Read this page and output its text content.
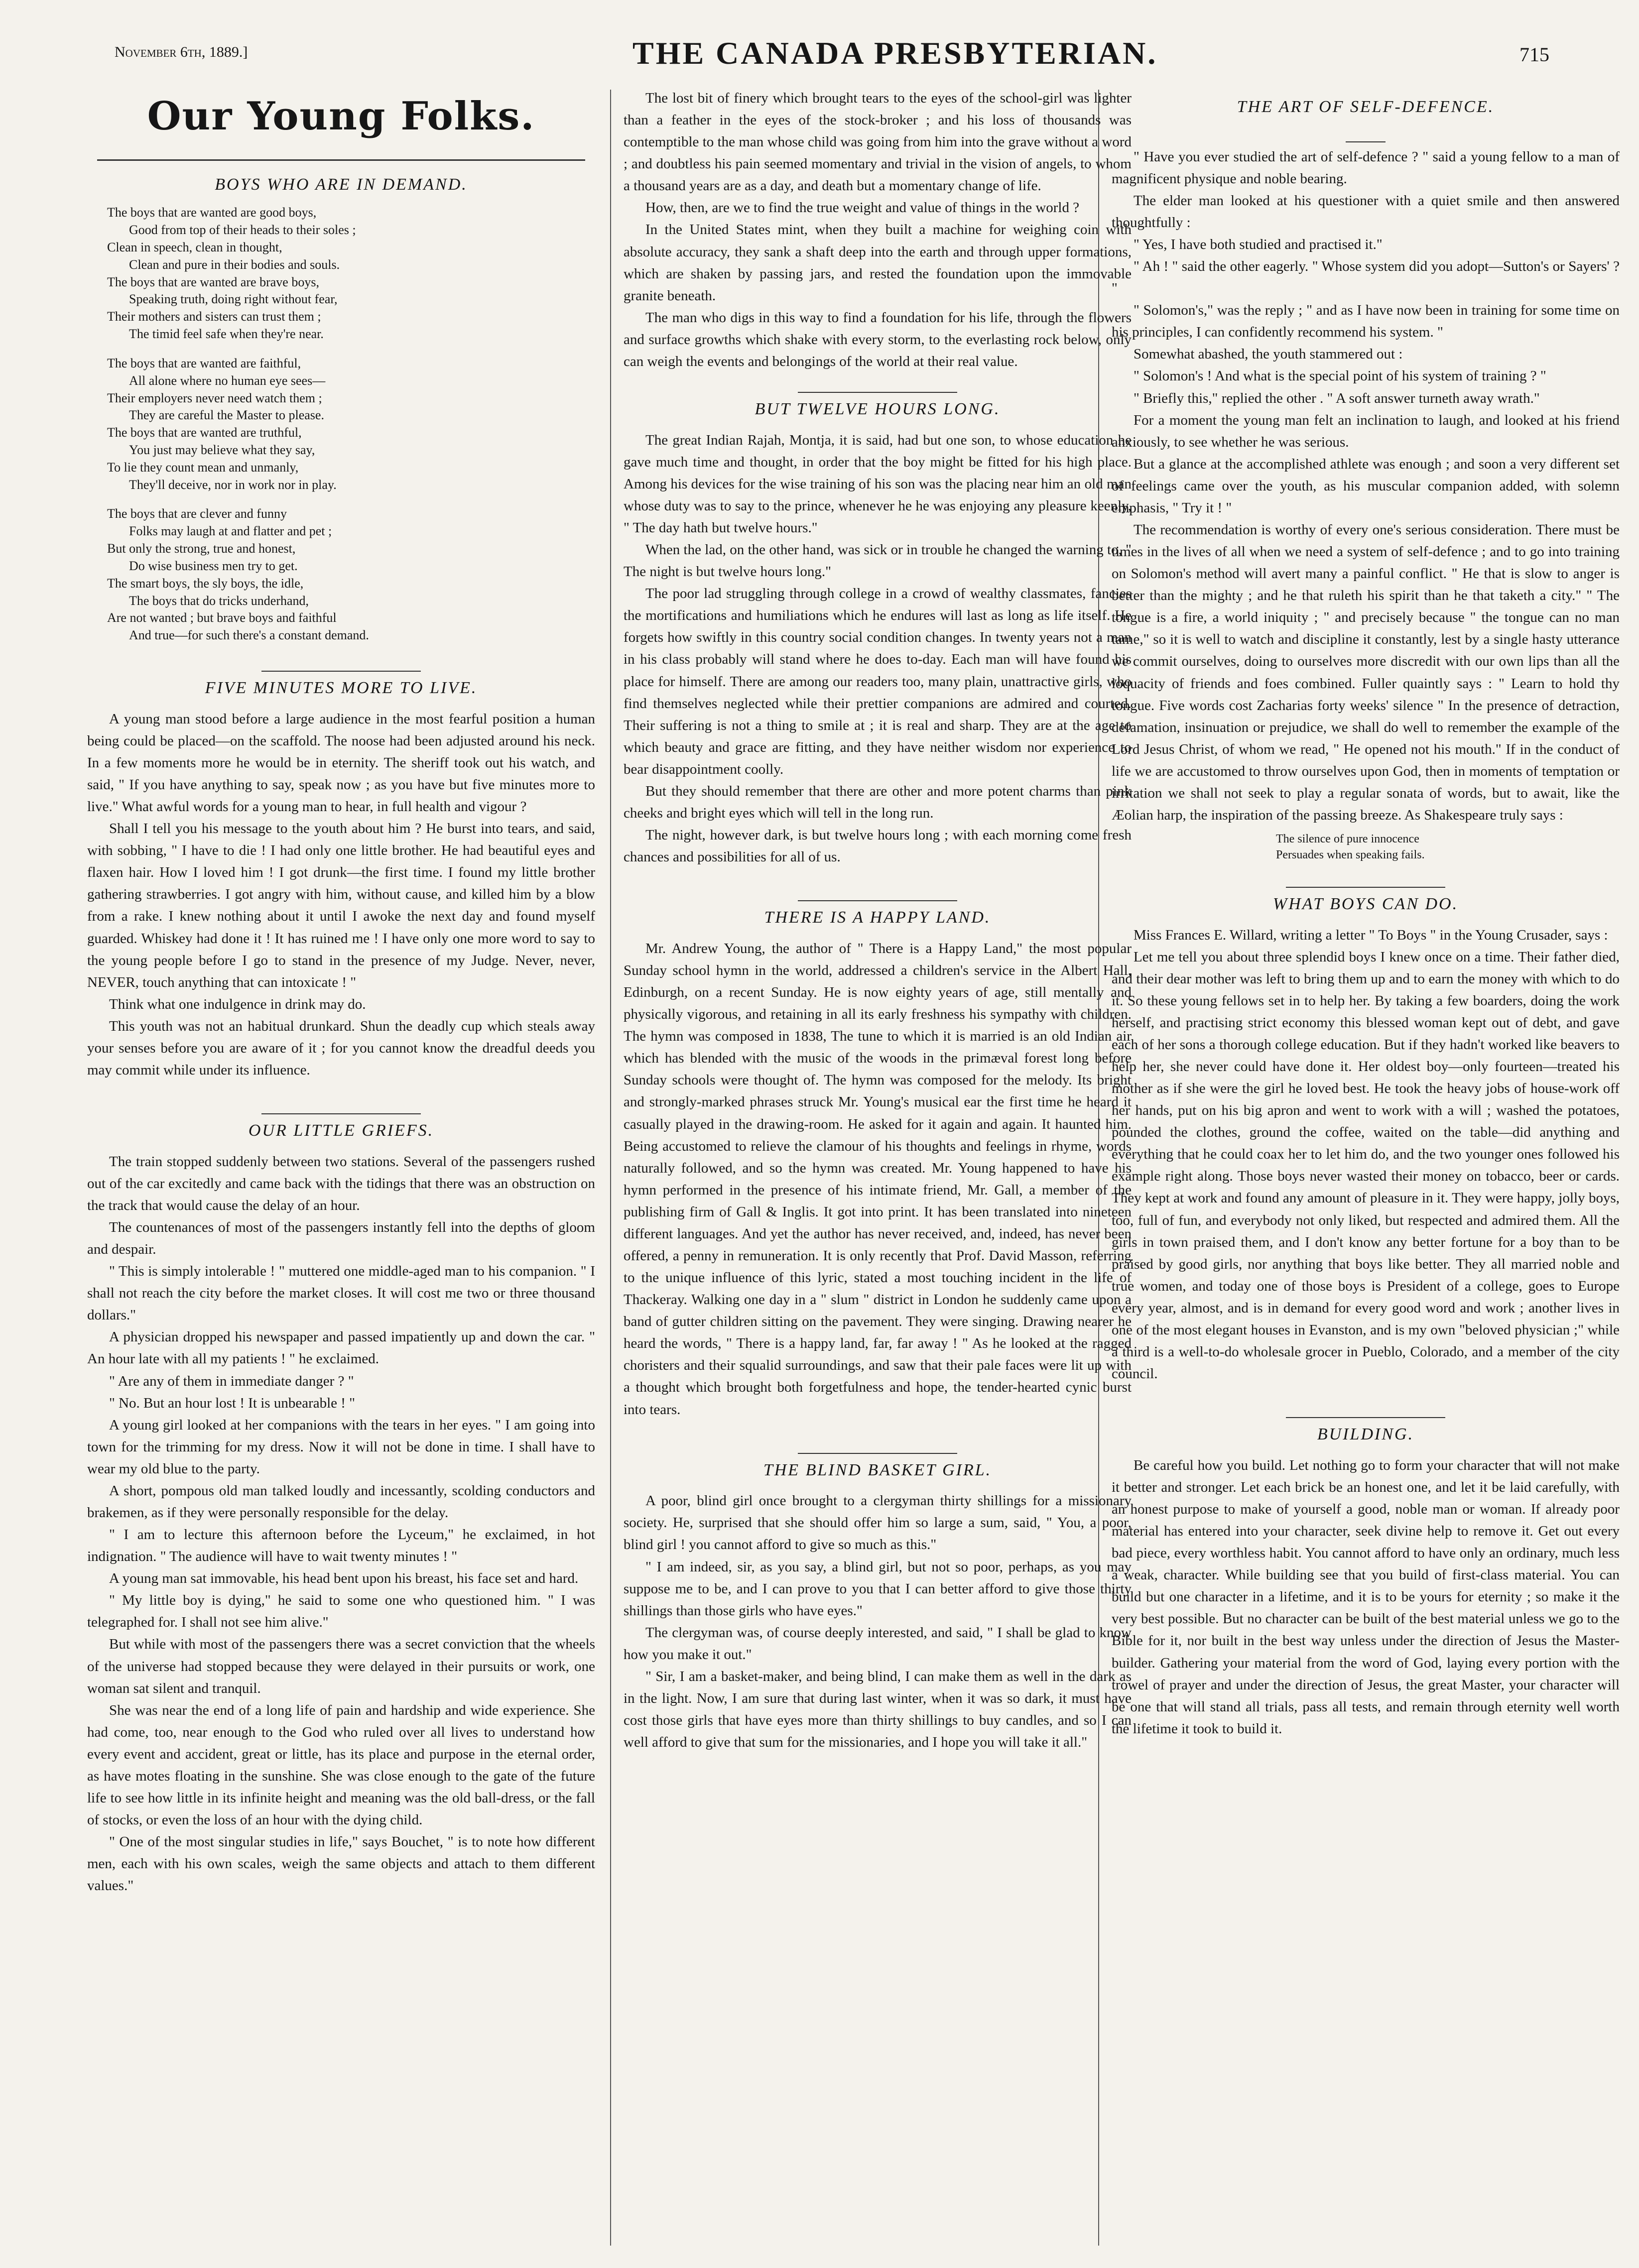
November 6th, 1889.]	THE CANADA PRESBYTERIAN.	715
Our Young Folks.
BOYS WHO ARE IN DEMAND.
The boys that are wanted are good boys,
Good from top of their heads to their soles ;
Clean in speech, clean in thought,
Clean and pure in their bodies and souls.
The boys that are wanted are brave boys,
Speaking truth, doing right without fear,
Their mothers and sisters can trust them ;
The timid feel safe when they're near.
The boys that are wanted are faithful,
All alone where no human eye sees—
Their employers never need watch them ;
They are careful the Master to please.
The boys that are wanted are truthful,
You just may believe what they say,
To lie they count mean and unmanly,
They'll deceive, nor in work nor in play.
The boys that are clever and funny
Folks may laugh at and flatter and pet ;
But only the strong, true and honest,
Do wise business men try to get.
The smart boys, the sly boys, the idle,
The boys that do tricks underhand,
Are not wanted ; but brave boys and faithful
And true—for such there's a constant demand.
FIVE MINUTES MORE TO LIVE.

A young man stood before a large audience in the most fearful position a human being could be placed—on the scaffold. The noose had been adjusted around his neck. In a few moments more he would be in eternity. The sheriff took out his watch, and said, " If you have anything to say, speak now ; as you have but five minutes more to live." What awful words for a young man to hear, in full health and vigour ?

Shall I tell you his message to the youth about him ? He burst into tears, and said, with sobbing, " I have to die ! I had only one little brother. He had beautiful eyes and flaxen hair. How I loved him ! I got drunk—the first time. I found my little brother gathering strawberries. I got angry with him, without cause, and killed him by a blow from a rake. I knew nothing about it until I awoke the next day and found myself guarded. Whiskey had done it ! It has ruined me ! I have only one more word to say to the young people before I go to stand in the presence of my Judge. Never, never, NEVER, touch anything that can intoxicate ! "

Think what one indulgence in drink may do.

This youth was not an habitual drunkard. Shun the deadly cup which steals away your senses before you are aware of it ; for you cannot know the dreadful deeds you may commit while under its influence.

OUR LITTLE GRIEFS.

The train stopped suddenly between two stations. Several of the passengers rushed out of the car excitedly and came back with the tidings that there was an obstruction on the track that would cause the delay of an hour.

The countenances of most of the passengers instantly fell into the depths of gloom and despair.

" This is simply intolerable ! " muttered one middle-aged man to his companion. " I shall not reach the city before the market closes. It will cost me two or three thousand dollars."

A physician dropped his newspaper and passed impatiently up and down the car. " An hour late with all my patients ! " he exclaimed.

" Are any of them in immediate danger ? "

" No. But an hour lost ! It is unbearable ! "

A young girl looked at her companions with the tears in her eyes. " I am going into town for the trimming for my dress. Now it will not be done in time. I shall have to wear my old blue to the party.

A short, pompous old man talked loudly and incessantly, scolding conductors and brakemen, as if they were personally responsible for the delay.

" I am to lecture this afternoon before the Lyceum," he exclaimed, in hot indignation. " The audience will have to wait twenty minutes ! "

A young man sat immovable, his head bent upon his breast, his face set and hard.

" My little boy is dying," he said to some one who questioned him. " I was telegraphed for. I shall not see him alive."

But while with most of the passengers there was a secret conviction that the wheels of the universe had stopped because they were delayed in their pursuits or work, one woman sat silent and tranquil.

She was near the end of a long life of pain and hardship and wide experience. She had come, too, near enough to the God who ruled over all lives to understand how every event and accident, great or little, has its place and purpose in the eternal order, as have motes floating in the sunshine. She was close enough to the gate of the future life to see how little in its infinite height and meaning was the old ball-dress, or the fall of stocks, or even the loss of an hour with the dying child.

" One of the most singular studies in life," says Bouchet, " is to note how different men, each with his own scales, weigh the same objects and attach to them different values."

The lost bit of finery which brought tears to the eyes of the school-girl was lighter than a feather in the eyes of the stock-broker ; and his loss of thousands was contemptible to the man whose child was going from him into the grave without a word ; and doubtless his pain seemed momentary and trivial in the vision of angels, to whom a thousand years are as a day, and death but a momentary change of life.

How, then, are we to find the true weight and value of things in the world ?

In the United States mint, when they built a machine for weighing coin with absolute accuracy, they sank a shaft deep into the earth and through upper formations, which are shaken by passing jars, and rested the foundation upon the immovable granite beneath.

The man who digs in this way to find a foundation for his life, through the flowers and surface growths which shake with every storm, to the everlasting rock below, only can weigh the events and belongings of the world at their real value.

BUT TWELVE HOURS LONG.

The great Indian Rajah, Montja, it is said, had but one son, to whose education he gave much time and thought, in order that the boy might be fitted for his high place. Among his devices for the wise training of his son was the placing near him an old man whose duty was to say to the prince, whenever he he was enjoying any pleasure keenly, " The day hath but twelve hours."

When the lad, on the other hand, was sick or in trouble he changed the warning to, " The night is but twelve hours long."

The poor lad struggling through college in a crowd of wealthy classmates, fancies the mortifications and humiliations which he endures will last as long as life itself. He forgets how swiftly in this country social condition changes. In twenty years not a man in his class probably will stand where he does to-day. Each man will have found his place for himself. There are among our readers too, many plain, unattractive girls, who find themselves neglected while their prettier companions are admired and courted. Their suffering is not a thing to smile at ; it is real and sharp. They are at the age to which beauty and grace are fitting, and they have neither wisdom nor experience to bear disappointment coolly.

But they should remember that there are other and more potent charms than pink cheeks and bright eyes which will tell in the long run.

The night, however dark, is but twelve hours long ; with each morning come fresh chances and possibilities for all of us.

THERE IS A HAPPY LAND.

Mr. Andrew Young, the author of " There is a Happy Land," the most popular Sunday school hymn in the world, addressed a children's service in the Albert Hall, Edinburgh, on a recent Sunday. He is now eighty years of age, still mentally and physically vigorous, and retaining in all its early freshness his sympathy with children. The hymn was composed in 1838, The tune to which it is married is an old Indian air which has blended with the music of the woods in the primæval forest long before Sunday schools were thought of. The hymn was composed for the melody. Its bright and strongly-marked phrases struck Mr. Young's musical ear the first time he heard it casually played in the drawing-room. He asked for it again and again. It haunted him. Being accustomed to relieve the clamour of his thoughts and feelings in rhyme, words naturally followed, and so the hymn was created. Mr. Young happened to have his hymn performed in the presence of his intimate friend, Mr. Gall, a member of the publishing firm of Gall & Inglis. It got into print. It has been translated into nineteen different languages. And yet the author has never received, and, indeed, has never been offered, a penny in remuneration. It is only recently that Prof. David Masson, referring to the unique influence of this lyric, stated a most touching incident in the life of Thackeray. Walking one day in a " slum " district in London he suddenly came upon a band of gutter children sitting on the pavement. They were singing. Drawing nearer he heard the words, " There is a happy land, far, far away ! " As he looked at the ragged choristers and their squalid surroundings, and saw that their pale faces were lit up with a thought which brought both forgetfulness and hope, the tender-hearted cynic burst into tears.

THE BLIND BASKET GIRL.

A poor, blind girl once brought to a clergyman thirty shillings for a missionary society. He, surprised that she should offer him so large a sum, said, " You, a poor, blind girl ! you cannot afford to give so much as this."

" I am indeed, sir, as you say, a blind girl, but not so poor, perhaps, as you may suppose me to be, and I can prove to you that I can better afford to give those thirty shillings than those girls who have eyes."

The clergyman was, of course deeply interested, and said, " I shall be glad to know how you make it out."

" Sir, I am a basket-maker, and being blind, I can make them as well in the dark as in the light. Now, I am sure that during last winter, when it was so dark, it must have cost those girls that have eyes more than thirty shillings to buy candles, and so I can well afford to give that sum for the missionaries, and I hope you will take it all."

THE ART OF SELF-DEFENCE.

" Have you ever studied the art of self-defence ? " said a young fellow to a man of magnificent physique and noble bearing.

The elder man looked at his questioner with a quiet smile and then answered thoughtfully :

" Yes, I have both studied and practised it."

" Ah ! " said the other eagerly. " Whose system did you adopt—Sutton's or Sayers' ? "

" Solomon's," was the reply ; " and as I have now been in training for some time on his principles, I can confidently recommend his system. "

Somewhat abashed, the youth stammered out :

" Solomon's ! And what is the special point of his system of training ? "

" Briefly this," replied the other . " A soft answer turneth away wrath."

For a moment the young man felt an inclination to laugh, and looked at his friend anxiously, to see whether he was serious.

But a glance at the accomplished athlete was enough ; and soon a very different set of feelings came over the youth, as his muscular companion added, with solemn emphasis, " Try it ! "

The recommendation is worthy of every one's serious consideration. There must be times in the lives of all when we need a system of self-defence ; and to go into training on Solomon's method will avert many a painful conflict. " He that is slow to anger is better than the mighty ; and he that ruleth his spirit than he that taketh a city." " The tongue is a fire, a world iniquity ; " and precisely because " the tongue can no man tame," so it is well to watch and discipline it constantly, lest by a single hasty utterance we commit ourselves, doing to ourselves more discredit with our own lips than all the loquacity of friends and foes combined. Fuller quaintly says : " Learn to hold thy tongue. Five words cost Zacharias forty weeks' silence " In the presence of detraction, defamation, insinuation or prejudice, we shall do well to remember the example of the Lord Jesus Christ, of whom we read, " He opened not his mouth." If in the conduct of life we are accustomed to throw ourselves upon God, then in moments of temptation or irritation we shall not seek to play a regular sonata of words, but to await, like the Æolian harp, the inspiration of the passing breeze. As Shakespeare truly says :

The silence of pure innocence
Persuades when speaking fails.
WHAT BOYS CAN DO.

Miss Frances E. Willard, writing a letter " To Boys " in the Young Crusader, says :

Let me tell you about three splendid boys I knew once on a time. Their father died, and their dear mother was left to bring them up and to earn the money with which to do it. So these young fellows set in to help her. By taking a few boarders, doing the work herself, and practising strict economy this blessed woman kept out of debt, and gave each of her sons a thorough college education. But if they hadn't worked like beavers to help her, she never could have done it. Her oldest boy—only fourteen—treated his mother as if she were the girl he loved best. He took the heavy jobs of house-work off her hands, put on his big apron and went to work with a will ; washed the potatoes, pounded the clothes, ground the coffee, waited on the table—did anything and everything that he could coax her to let him do, and the two younger ones followed his example right along. Those boys never wasted their money on tobacco, beer or cards. They kept at work and found any amount of pleasure in it. They were happy, jolly boys, too, full of fun, and everybody not only liked, but respected and admired them. All the girls in town praised them, and I don't know any better fortune for a boy than to be praised by good girls, nor anything that boys like better. They all married noble and true women, and today one of those boys is President of a college, goes to Europe every year, almost, and is in demand for every good word and work ; another lives in one of the most elegant houses in Evanston, and is my own "beloved physician ;" while a third is a well-to-do wholesale grocer in Pueblo, Colorado, and a member of the city council.

BUILDING.

Be careful how you build. Let nothing go to form your character that will not make it better and stronger. Let each brick be an honest one, and let it be laid carefully, with an honest purpose to make of yourself a good, noble man or woman. If already poor material has entered into your character, seek divine help to remove it. Get out every bad piece, every worthless habit. You cannot afford to have only an ordinary, much less a weak, character. While building see that you build of first-class material. You can build but one character in a lifetime, and it is to be yours for eternity ; so make it the very best possible. But no character can be built of the best material unless we go to the Bible for it, nor built in the best way unless under the direction of Jesus the Master-builder. Gathering your material from the word of God, laying every portion with the trowel of prayer and under the direction of Jesus, the great Master, your character will be one that will stand all trials, pass all tests, and remain through eternity well worth the lifetime it took to build it.
